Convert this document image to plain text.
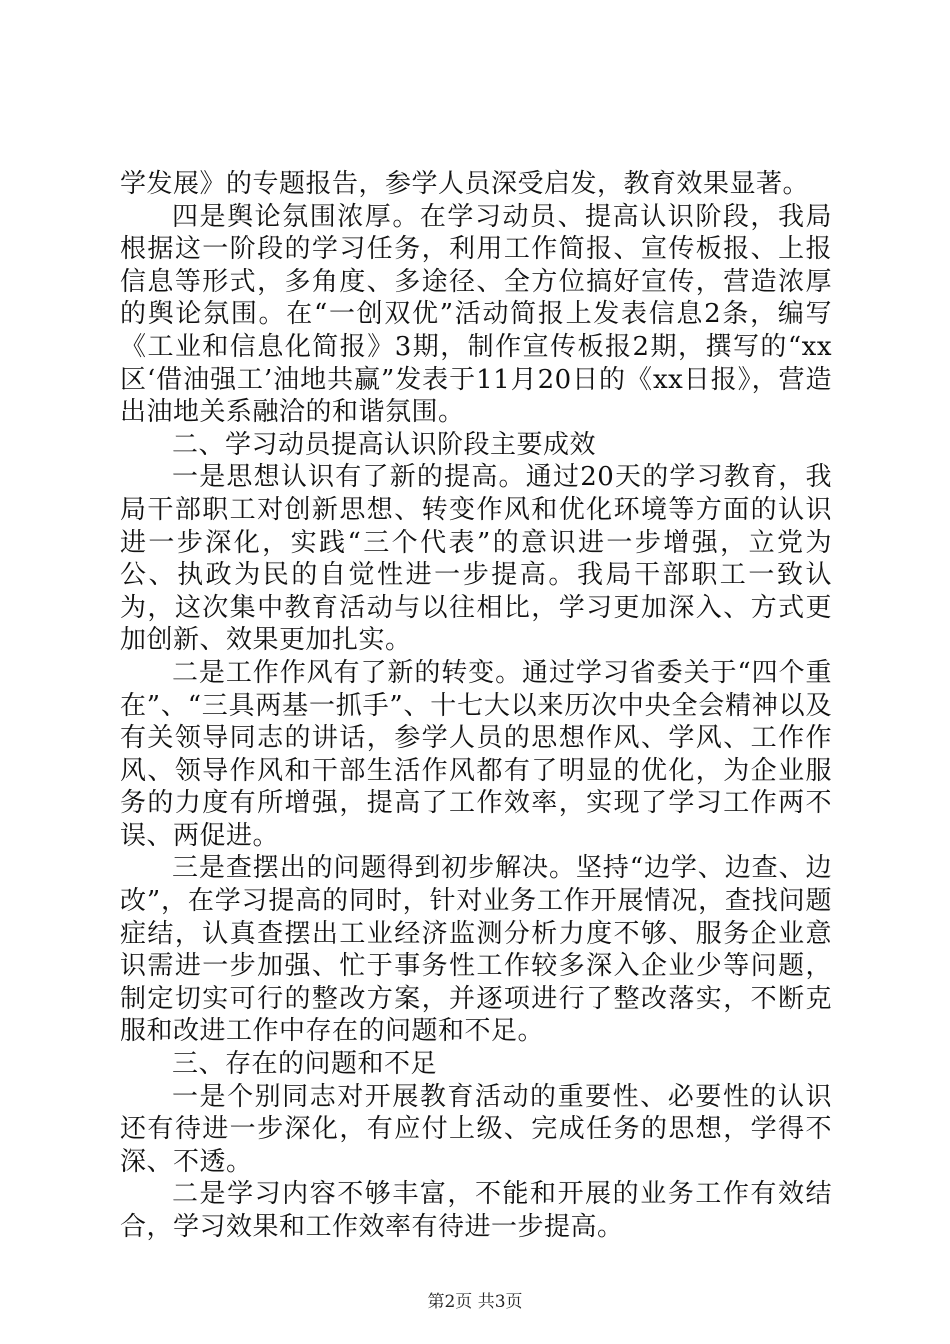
学发展》的专题报告，参学人员深受启发，教育效果显著。

四是舆论氛围浓厚。在学习动员、提高认识阶段，我局根据这一阶段的学习任务，利用工作简报、宣传板报、上报信息等形式，多角度、多途径、全方位搞好宣传，营造浓厚的舆论氛围。在“一创双优”活动简报上发表信息2条，编写《工业和信息化简报》3期，制作宣传板报2期，撰写的“xx区‘借油强工’油地共赢”发表于11月20日的《xx日报》，营造出油地关系融洽的和谐氛围。

二、学习动员提高认识阶段主要成效

一是思想认识有了新的提高。通过20天的学习教育，我局干部职工对创新思想、转变作风和优化环境等方面的认识进一步深化，实践“三个代表”的意识进一步增强，立党为公、执政为民的自觉性进一步提高。我局干部职工一致认为，这次集中教育活动与以往相比，学习更加深入、方式更加创新、效果更加扎实。

二是工作作风有了新的转变。通过学习省委关于“四个重在”、“三具两基一抓手”、十七大以来历次中央全会精神以及有关领导同志的讲话，参学人员的思想作风、学风、工作作风、领导作风和干部生活作风都有了明显的优化，为企业服务的力度有所增强，提高了工作效率，实现了学习工作两不误、两促进。

三是查摆出的问题得到初步解决。坚持“边学、边查、边改”，在学习提高的同时，针对业务工作开展情况，查找问题症结，认真查摆出工业经济监测分析力度不够、服务企业意识需进一步加强、忙于事务性工作较多深入企业少等问题，制定切实可行的整改方案，并逐项进行了整改落实，不断克服和改进工作中存在的问题和不足。

三、存在的问题和不足

一是个别同志对开展教育活动的重要性、必要性的认识还有待进一步深化，有应付上级、完成任务的思想，学得不深、不透。

二是学习内容不够丰富，不能和开展的业务工作有效结合，学习效果和工作效率有待进一步提高。

第2页 共3页
